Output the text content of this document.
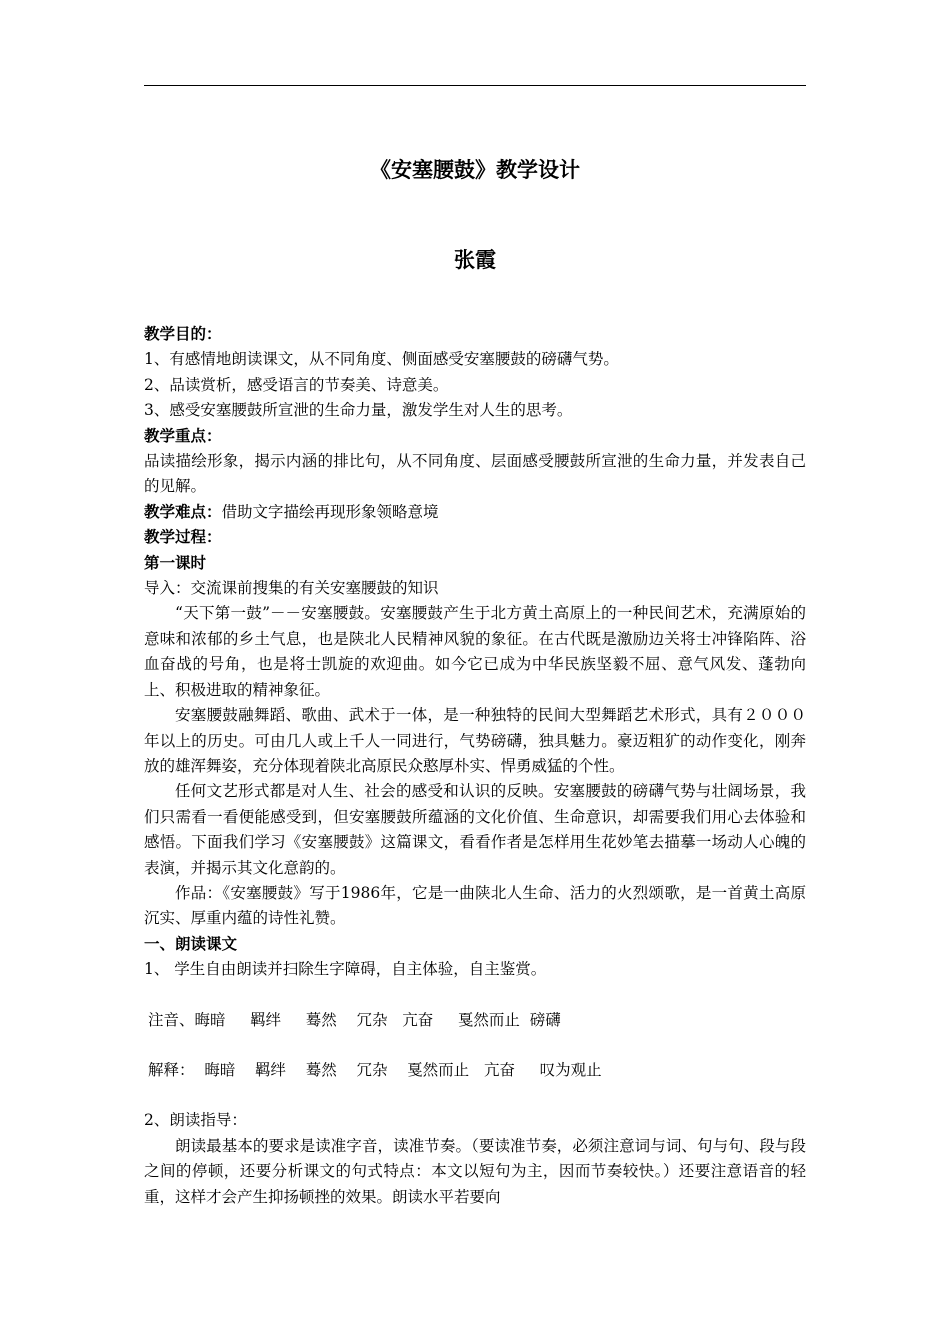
《安塞腰鼓》教学设计
张霞

教学目的：

1、有感情地朗读课文，从不同角度、侧面感受安塞腰鼓的磅礴气势。

2、品读赏析，感受语言的节奏美、诗意美。

3、感受安塞腰鼓所宣泄的生命力量，激发学生对人生的思考。

教学重点：

品读描绘形象，揭示内涵的排比句，从不同角度、层面感受腰鼓所宣泄的生命力量，并发表自己的见解。

教学难点：借助文字描绘再现形象领略意境

教学过程：

第一课时

导入：交流课前搜集的有关安塞腰鼓的知识

“天下第一鼓”－－安塞腰鼓。安塞腰鼓产生于北方黄土高原上的一种民间艺术，充满原始的意味和浓郁的乡土气息，也是陕北人民精神风貌的象征。在古代既是激励边关将士冲锋陷阵、浴血奋战的号角，也是将士凯旋的欢迎曲。如今它已成为中华民族坚毅不屈、意气风发、蓬勃向上、积极进取的精神象征。

安塞腰鼓融舞蹈、歌曲、武术于一体，是一种独特的民间大型舞蹈艺术形式，具有２０００年以上的历史。可由几人或上千人一同进行，气势磅礴，独具魅力。豪迈粗犷的动作变化，刚奔放的雄浑舞姿，充分体现着陕北高原民众憨厚朴实、悍勇威猛的个性。

任何文艺形式都是对人生、社会的感受和认识的反映。安塞腰鼓的磅礴气势与壮阔场景，我们只需看一看便能感受到，但安塞腰鼓所蕴涵的文化价值、生命意识，却需要我们用心去体验和感悟。下面我们学习《安塞腰鼓》这篇课文，看看作者是怎样用生花妙笔去描摹一场动人心魄的表演，并揭示其文化意韵的。

作品：《安塞腰鼓》写于1986年，它是一曲陕北人生命、活力的火烈颂歌，是一首黄土高原沉实、厚重内蕴的诗性礼赞。

一、朗读课文

1、 学生自由朗读并扫除生字障碍，自主体验，自主鉴赏。

注音、晦暗     羁绊     蓦然    冗杂   亢奋     戛然而止  磅礴

解释：  晦暗    羁绊    蓦然    冗杂    戛然而止   亢奋     叹为观止

2、朗读指导：

朗读最基本的要求是读准字音，读准节奏。（要读准节奏，必须注意词与词、句与句、段与段之间的停顿，还要分析课文的句式特点：本文以短句为主，因而节奏较快。）还要注意语音的轻重，这样才会产生抑扬顿挫的效果。朗读水平若要向
